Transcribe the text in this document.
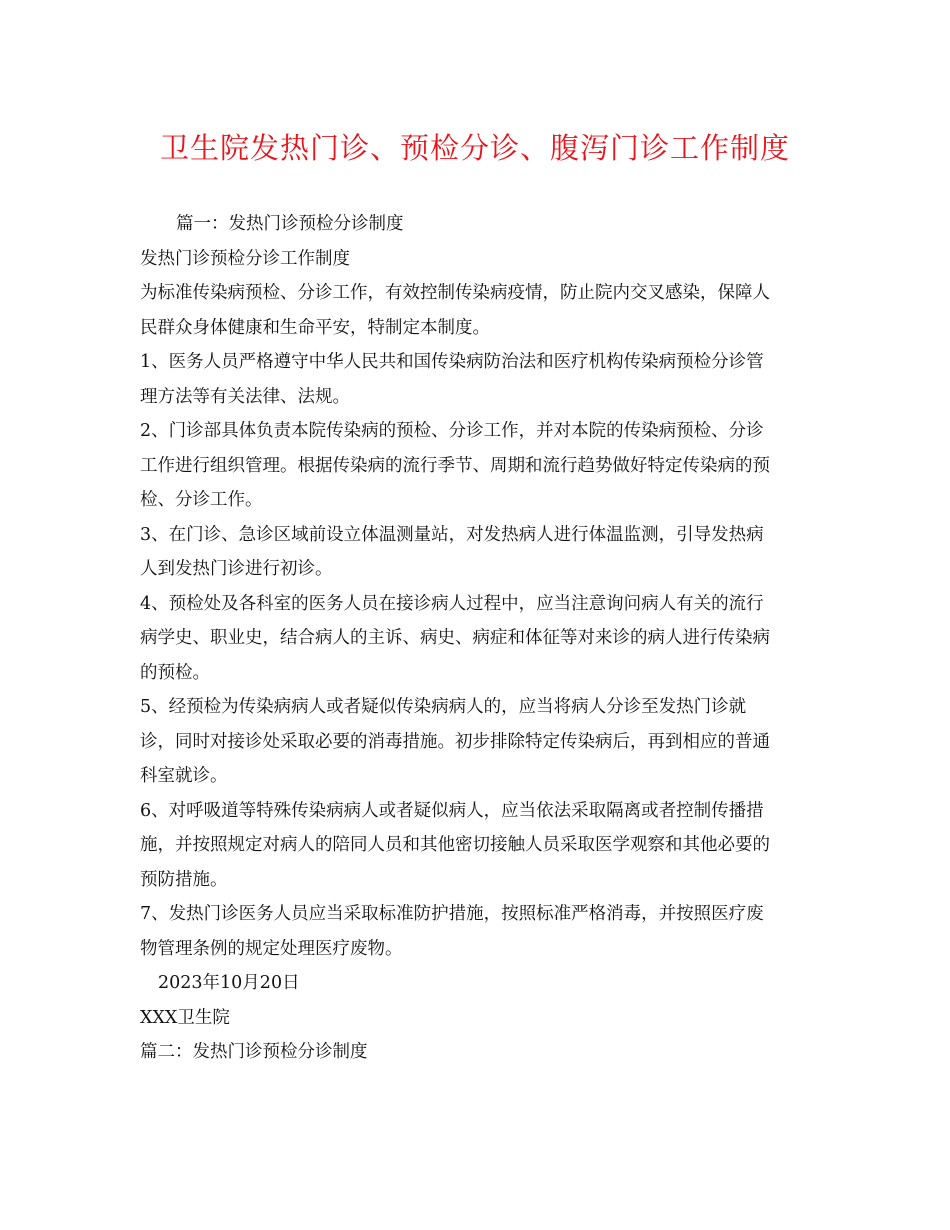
卫生院发热门诊、预检分诊、腹泻门诊工作制度
篇一：发热门诊预检分诊制度
发热门诊预检分诊工作制度
为标准传染病预检、分诊工作，有效控制传染病疫情，防止院内交叉感染，保障人
民群众身体健康和生命平安，特制定本制度。
1、医务人员严格遵守中华人民共和国传染病防治法和医疗机构传染病预检分诊管
理方法等有关法律、法规。
2、门诊部具体负责本院传染病的预检、分诊工作，并对本院的传染病预检、分诊
工作进行组织管理。根据传染病的流行季节、周期和流行趋势做好特定传染病的预
检、分诊工作。
3、在门诊、急诊区域前设立体温测量站，对发热病人进行体温监测，引导发热病
人到发热门诊进行初诊。
4、预检处及各科室的医务人员在接诊病人过程中，应当注意询问病人有关的流行
病学史、职业史，结合病人的主诉、病史、病症和体征等对来诊的病人进行传染病
的预检。
5、经预检为传染病病人或者疑似传染病病人的，应当将病人分诊至发热门诊就
诊，同时对接诊处采取必要的消毒措施。初步排除特定传染病后，再到相应的普通
科室就诊。
6、对呼吸道等特殊传染病病人或者疑似病人，应当依法采取隔离或者控制传播措
施，并按照规定对病人的陪同人员和其他密切接触人员采取医学观察和其他必要的
预防措施。
7、发热门诊医务人员应当采取标准防护措施，按照标准严格消毒，并按照医疗废
物管理条例的规定处理医疗废物。
2023年10月20日
XXX卫生院
篇二：发热门诊预检分诊制度
